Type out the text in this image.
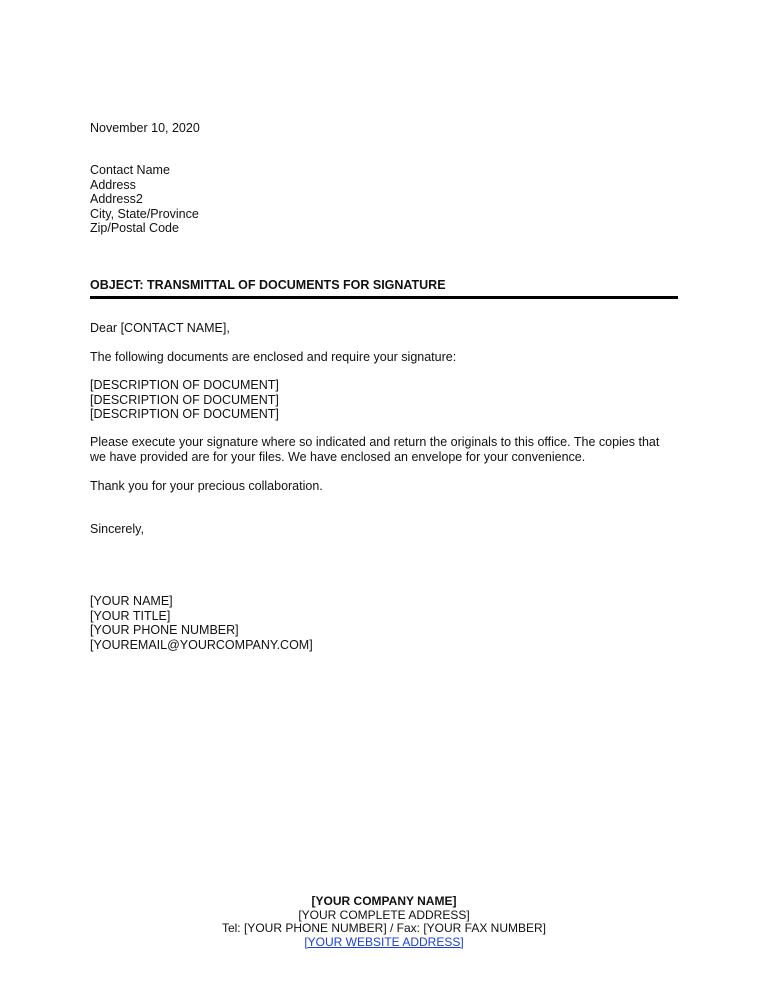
November 10, 2020
Contact Name
Address
Address2
City, State/Province
Zip/Postal Code
OBJECT: TRANSMITTAL OF DOCUMENTS FOR SIGNATURE
Dear [CONTACT NAME],
The following documents are enclosed and require your signature:
[DESCRIPTION OF DOCUMENT]
[DESCRIPTION OF DOCUMENT]
[DESCRIPTION OF DOCUMENT]
Please execute your signature where so indicated and return the originals to this office. The copies that
we have provided are for your files. We have enclosed an envelope for your convenience.
Thank you for your precious collaboration.
Sincerely,
[YOUR NAME]
[YOUR TITLE]
[YOUR PHONE NUMBER]
[YOUREMAIL@YOURCOMPANY.COM]
[YOUR COMPANY NAME]
[YOUR COMPLETE ADDRESS]
Tel: [YOUR PHONE NUMBER] / Fax: [YOUR FAX NUMBER]
[YOUR WEBSITE ADDRESS]
